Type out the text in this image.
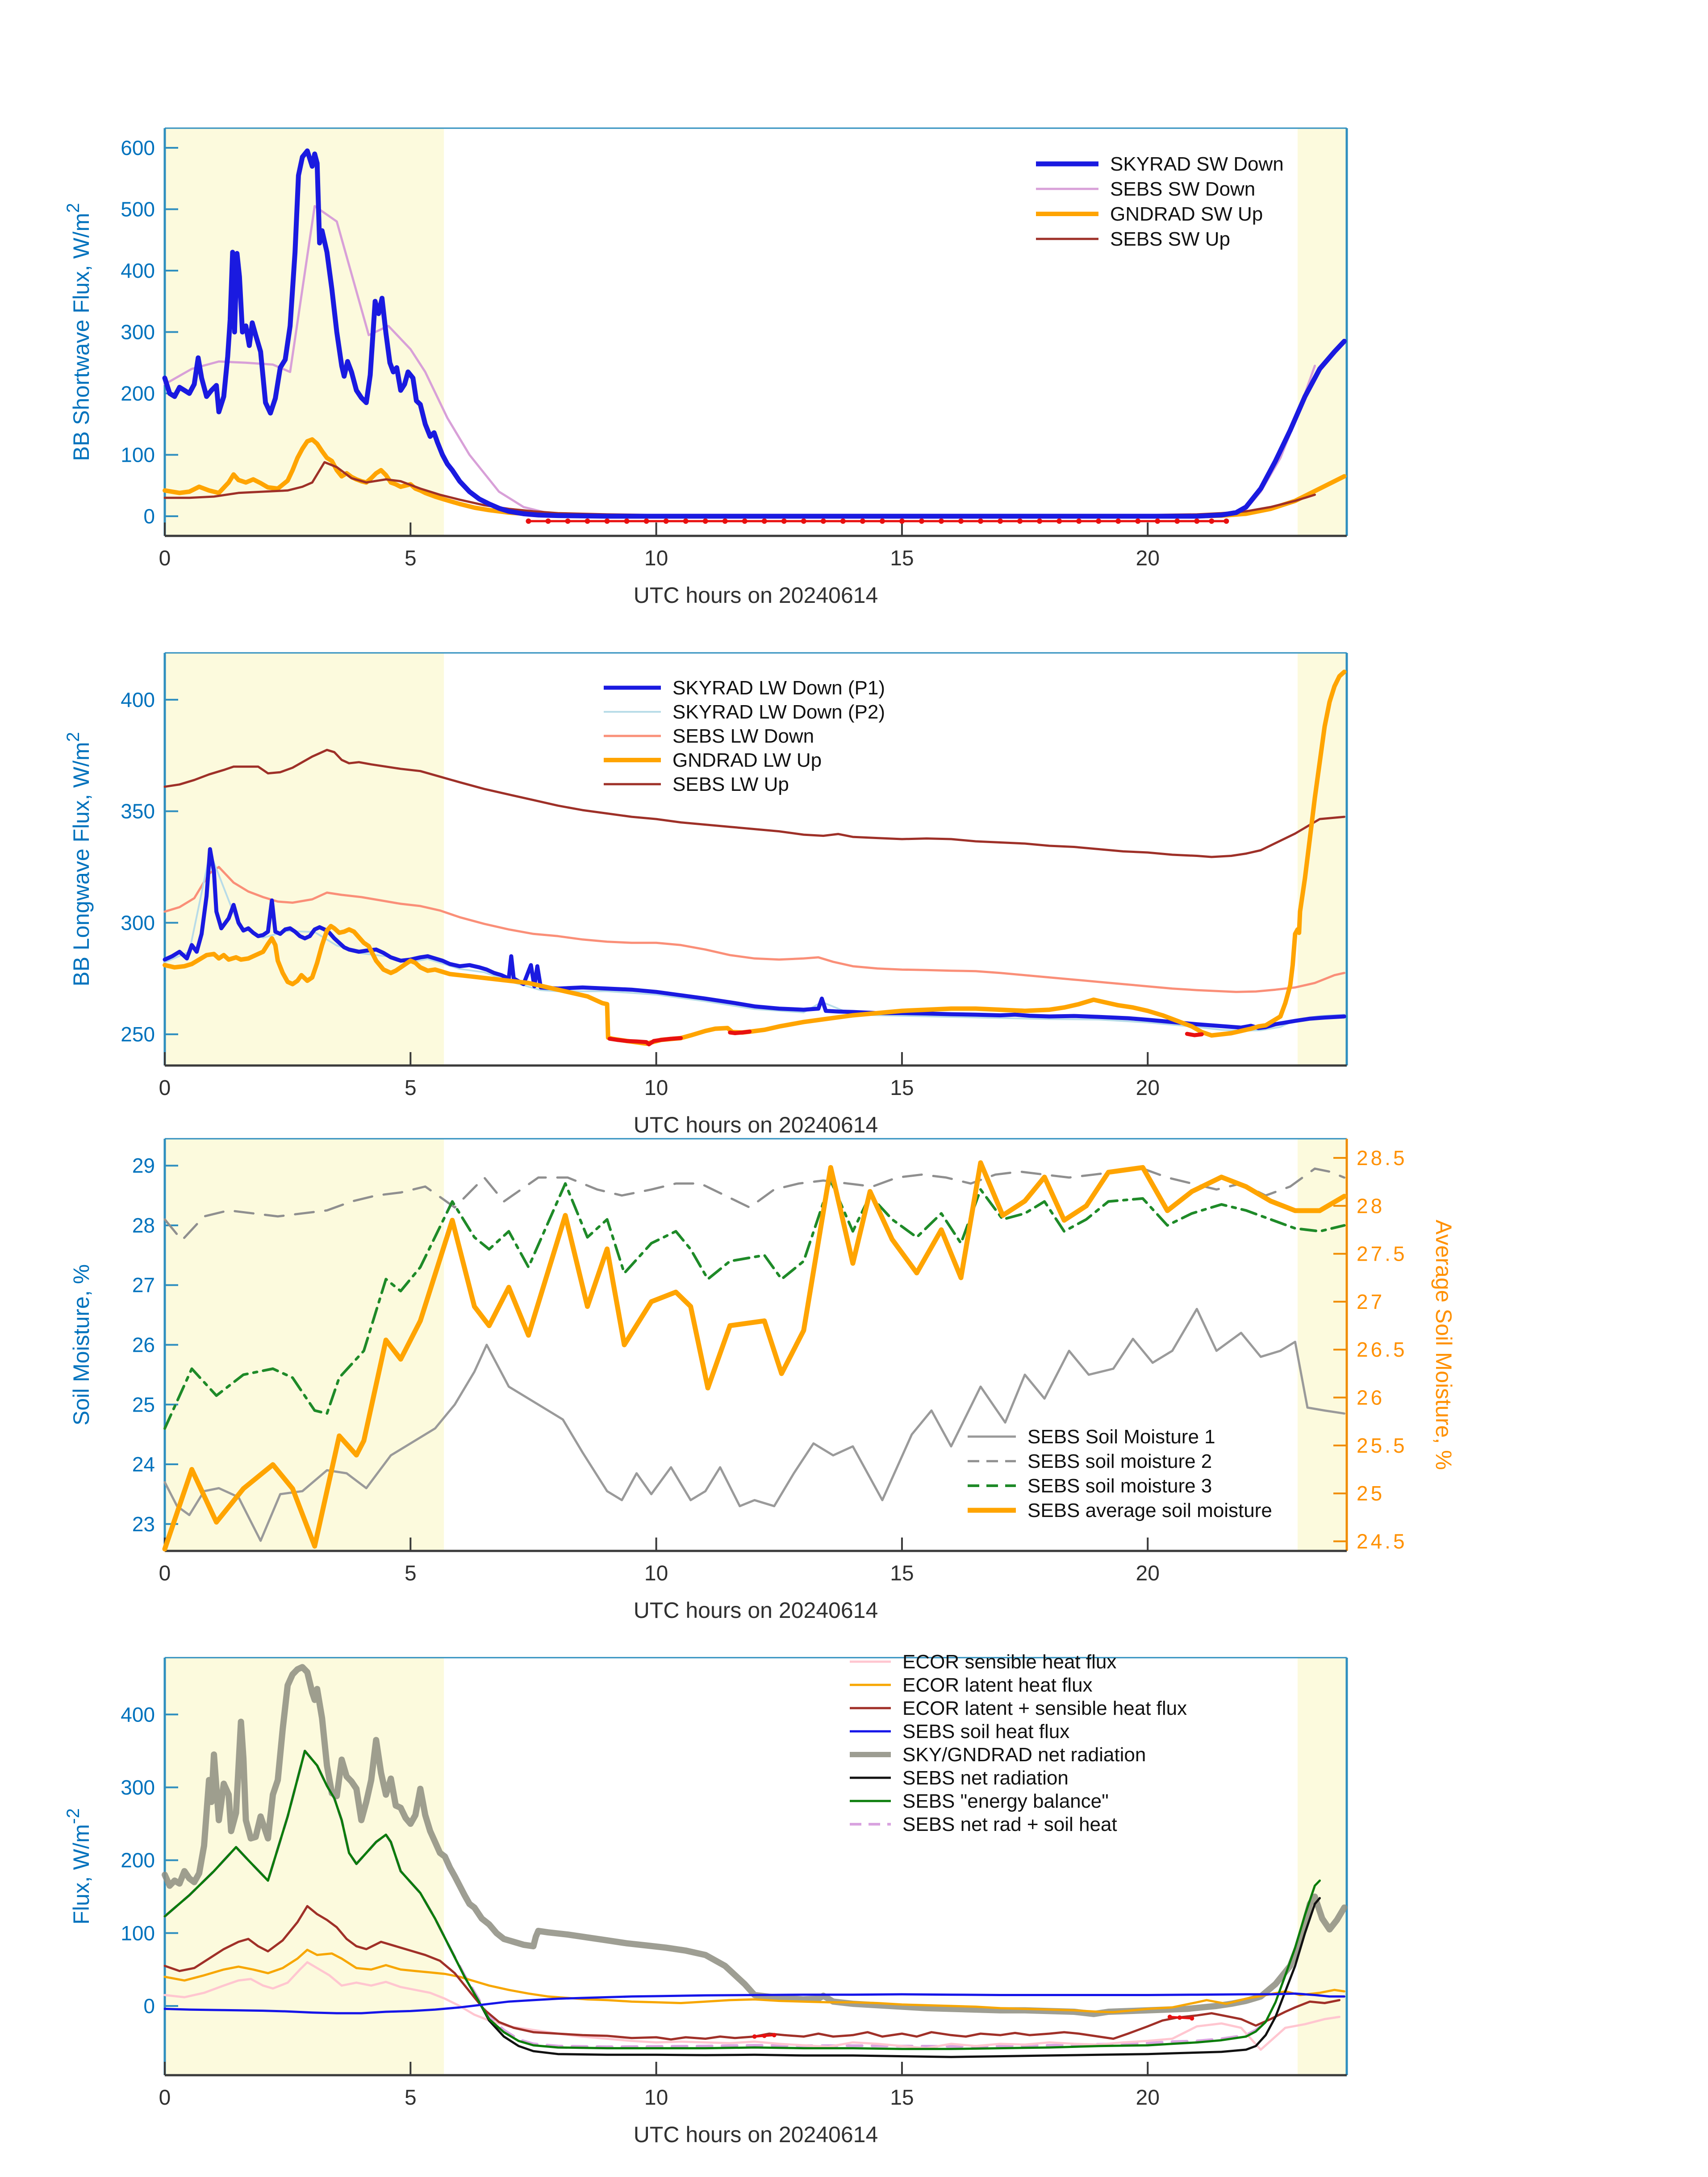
0
100
200
300
400
500
600
0	5	10	15	20
UTC hours on 20240614
BB Shortwave Flux, $W/m^2$
SKYRAD SW Down
SEBS SW Down
GNDRAD SW Up
SEBS SW Up
250
300
350
400
0	5	10	15	20
UTC hours on 20240614
BB Longwave Flux, $W/m^2$
SKYRAD LW Down (P1)
SKYRAD LW Down (P2)
SEBS LW Down
GNDRAD LW Up
SEBS LW Up
23
24
25
26
27
28
29
24.5
25
25.5
26
26.5
27
27.5
28
28.5
0	5	10	15	20
UTC hours on 20240614
Soil Moisture, %	Average Soil Moisture, %
SEBS Soil Moisture 1
SEBS soil moisture 2
SEBS soil moisture 3
SEBS average soil moisture
0
100
200
300
400
0	5	10	15	20
UTC hours on 20240614
Flux, $W/m^{-2}$
ECOR sensible heat flux
ECOR latent heat flux
ECOR latent + sensible heat flux
SEBS soil heat flux
SKY/GNDRAD net radiation
SEBS net radiation
SEBS "energy balance"
SEBS net rad + soil heat
